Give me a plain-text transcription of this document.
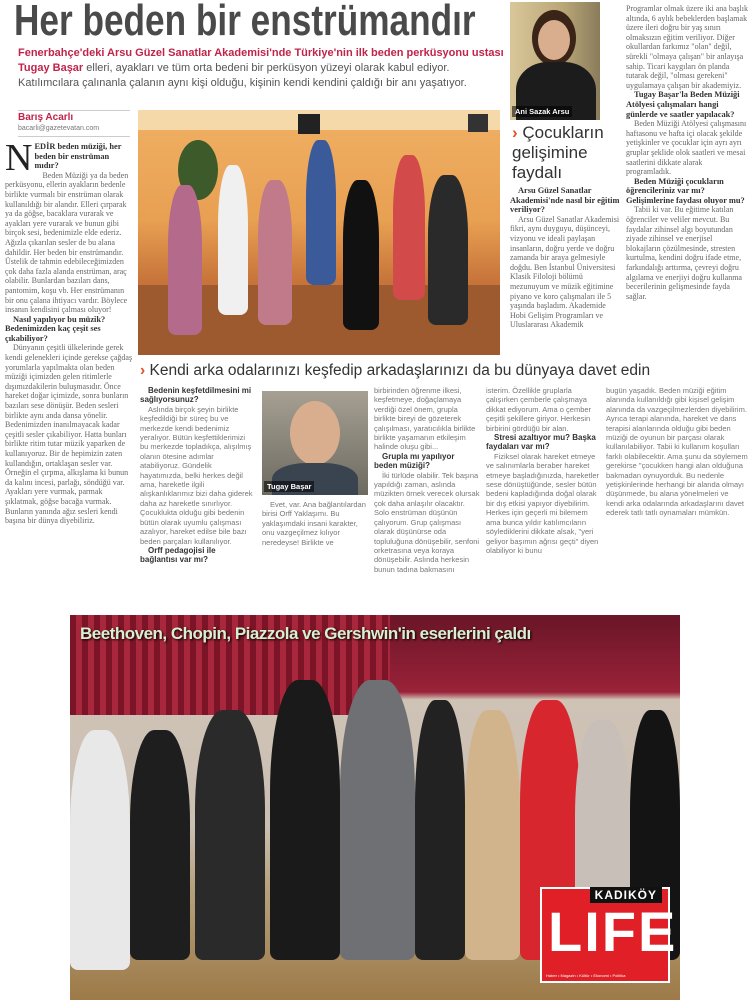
Her beden bir enstrümandır
Fenerbahçe'deki Arsu Güzel Sanatlar Akademisi'nde Türkiye'nin ilk beden perküsyonu ustası Tugay Başar elleri, ayakları ve tüm orta bedeni bir perküsyon yüzeyi olarak kabul ediyor. Katılımcılara çalınanla çalanın aynı kişi olduğu, kişinin kendi kendini çaldığı bir anı yaşatıyor.
Barış Acarlı
bacarli@gazetevatan.com
Ani Sazak Arsu
N EDİR beden müziği, her beden bir enstrüman mıdır?

Beden Müziği ya da beden perküsyonu, ellerin ayakların bedenle birlikte vurmalı bir enstrüman olarak kullanıldığı bir alandır. Elleri çırparak ya da göğse, bacaklara vurarak ve ayakları yere vurarak ve bunun gibi birçok sesi, bedenimizle elde ederiz. Ağızla çıkarılan sesler de bu alana dahildir. Her beden bir enstrümandır. Üstelik de tahmin edebileceğimizden çok daha fazla alanda enstrüman, araç olabilir. Bunlardan bazıları dans, pantomim, koşu vb. Her enstrümanın bir onu çalana ihtiyacı vardır. Böylece insanın kendisini çalması oluyor!

Nasıl yapılıyor bu müzik? Bedenimizden kaç çeşit ses çıkabiliyor?

Dünyanın çeşitli ülkelerinde gerek kendi gelenekleri içinde gerekse çağdaş yorumlarla yapılmakta olan beden müziği içimizden gelen ritimlerle dışımızdakilerin buluşmasıdır. Önce hareket doğar içimizde, sonra bunların bazıları sese dönüşür. Beden sesleri birlikte aynı anda dansa yönelir. Bedenimizden inanılmayacak kadar çeşitli sesler çıkabiliyor. Hatta bunları birlikte ritim tutar müzik yaparken de kullanıyoruz. Bir de hepimizin zaten kullandığın, ortaklaşan sesler var. Örneğin el çırpma, alkışlama ki bunun da kalını incesi, parlağı, söndüğü var. Ayakları yere vurmak, parmak şıklatmak, göğse bacağa vurmak. Bunların yanında ağız sesleri kendi başına bir dünya diyebiliriz.

› Çocukların gelişimine faydalı
Arsu Güzel Sanatlar Akademisi'nde nasıl bir eğitim veriliyor?

Arsu Güzel Sanatlar Akademisi fikri, aynı duyguyu, düşünceyi, vizyonu ve ideali paylaşan insanların, doğru yerde ve doğru zamanda bir araya gelmesiyle doğdu. Ben İstanbul Üniversitesi Klasik Filoloji bölümü mezunuyum ve müzik eğitimine piyano ve koro çalışmaları ile 5 yaşında başladım. Akademide Hobi Gelişim Programları ve Uluslararası Akademik

Programlar olmak üzere iki ana başlık altında, 6 aylık bebeklerden başlamak üzere ileri doğru bir yaş sınırı olmaksızın eğitim veriliyor. Diğer okullardan farkımız "olan" değil, sürekli "olmaya çalışan" bir anlayışa sahip. Ticari kaygıları ön planda tutarak değil, "olması gerekeni" uygulamaya çalışan bir akademiyiz.

Tugay Başar'la Beden Müziği Atölyesi çalışmaları hangi günlerde ve saatler yapılacak?

Beden Müziği Atölyesi çalışmasını haftasonu ve hafta içi olacak şekilde yetişkinler ve çocuklar için ayrı ayrı gruplar şeklide olok saatleri ve mesai saatlerini dikkate alarak programladık.

Beden Müziği çocukların öğrencileriniz var mı? Gelişimlerine faydası oluyor mu?

Tabii ki var. Bu eğitime katılan öğrenciler ve veliler mevcut. Bu faydalar zihinsel algı boyutundan ziyade zihinsel ve enerjisel blokajların çözülmesinde, stresten kurtulma, kendini doğru ifade etme, farkındalığı arttırma, çevreyi doğru algılama ve enerjiyi doğru kullanma becerilerinin gelişmesinde fayda sağlar.

› Kendi arka odalarınızı keşfedip arkadaşlarınızı da bu dünyaya davet edin
Bedenin keşfetdilmesini mi sağlıyorsunuz?

Aslında birçok şeyin birlikte keşfedildiği bir süreç bu ve merkezde kendi bedenimiz yeralıyor. Bütün keşfettiklerimizi bu merkezde topladıkça, alışılmış olanın ötesine adımlar atabiliyoruz. Gündelik hayatımızda, belki herkes değil ama, hareketle ilgili alışkanlıklarımız bizi daha giderek daha az hareketle sınırlıyor. Çocuklukta olduğu gibi bedenin bütün olarak uyumlu çalışması azalıyor, hareket edilse bile bazı beden parçaları kullanılıyor.

Orff pedagojisi ile bağlantısı var mı?
Tugay Başar

Evet, var. Ana bağlantılardan birisi Orff Yaklaşımı. Bu yaklaşımdaki insani karakter, onu vazgeçilmez kılıyor neredeyse! Birlikte ve

birbirinden öğrenme ilkesi, keşfetmeye, doğaçlamaya verdiği özel önem, grupla birlikte bireyi de gözeterek çalışılması, yaratıcılıkla birlikte birlikte yaşamanın etkileşim halinde oluşu gibi...

Grupla mı yapılıyor beden müziği?

İki türlüde olabilir. Tek başına yapıldığı zaman, aslında müzikten örnek verecek olursak çok daha anlaşılır olacaktır. Solo enstrüman düşünün çalıyorum. Grup çalışması olarak düşünürse oda topluluğuna dönüşebilir, senfoni orketrasına veya koraya dönüşebilir. Aslında herkesin bunun tadına bakmasını

isterim. Özellikle gruplarla çalışırken çemberle çalışmaya dikkat ediyorum. Ama o çember çeşitli şekillere giriyor. Herkesin birbirini gördüğü bir alan.

Stresi azaltıyor mu? Başka faydaları var mı?

Fiziksel olarak hareket etmeye ve salınımlarla beraber hareket etmeye başladığınızda, hareketler sese dönüştüğünde, sesler bütün bedeni kapladığında doğal olarak bir dış etkisi yapıyor diyebilirim. Herkes için geçerli mi bilemem ama bunca yıldır katılımcıların söylediklerini dikkate alsak, "yeri geliyor başımın ağrısı geçti" diyen olabiliyor ki bunu

bugün yaşadık. Beden müziği eğitim alanında kullanıldığı gibi kişisel gelişim alanında da vazgeçilmezlerden diyebilirim. Ayrıca terapi alanında, hareket ve dans terapisi alanlarında olduğu gibi beden müziği de oyunun bir parçası olarak kullanılabiliyor. Tabii ki kullanım koşulları farklı olabilecektir. Ama şunu da söylemem gerekirse "çocukken hangi alan olduğuna bakmadan oynuyorduk. Bu nedenle yetişkinlerinde herhangi bir alanda olmayı düşünmede, bu alana yönelmeleri ve kendi arka odalarında arkadaşlarını davet ederek tatlı tatlı oynamaları mümkün.

Beethoven, Chopin, Piazzola ve Gershwin'in eserlerini çaldı
KADIKÖY
LIFE
Haber • Magazin • Kültür • Ekonomi • Politika
